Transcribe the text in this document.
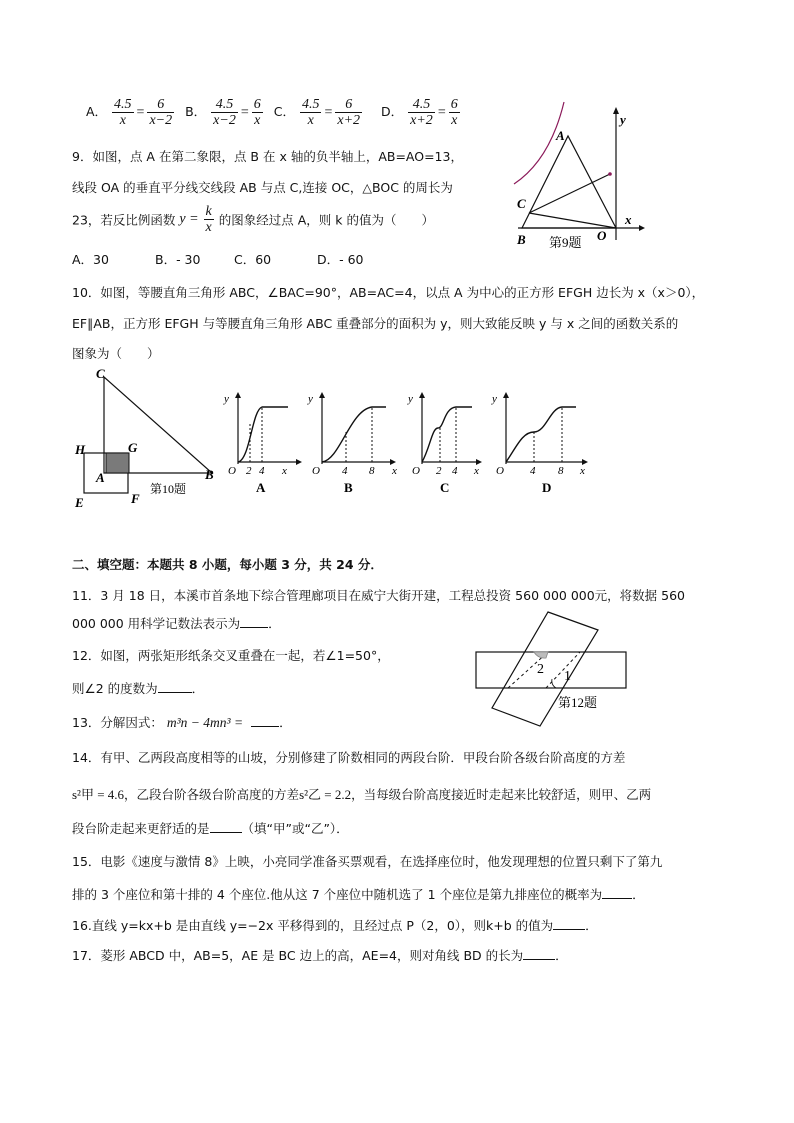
A． $\frac{4.5}{x} = \frac{6}{x-2}$ B． $\frac{4.5}{x-2} = \frac{6}{x}$ C． $\frac{4.5}{x} = \frac{6}{x+2}$ D． $\frac{4.5}{x+2} = \frac{6}{x}$
9．如图，点 A 在第二象限，点 B 在 x 轴的负半轴上，AB=AO=13，
线段 OA 的垂直平分线交线段 AB 与点 C,连接 OC，△BOC 的周长为
23，若反比例函数 $y = \frac{k}{x}$ 的图象经过点 A，则 k 的值为（　　）
A．30	B．- 30	C．60	D．- 60
A
C
B	O
x
y
第9题
10．如图，等腰直角三角形 ABC，∠BAC=90°，AB=AC=4，以点 A 为中心的正方形 EFGH 边长为 x（x＞0），
EF∥AB，正方形 EFGH 与等腰直角三角形 ABC 重叠部分的面积为 y，则大致能反映 y 与 x 之间的函数关系的
图象为（　　）
C
H	G
A	B
E	F
第10题
y
O 2 4 x
A
y
O 4 8 x
B
y
O 2 4 x
C
y
O 4 8 x
D
二、填空题：本题共 8 小题，每小题 3 分，共 24 分．
11．3 月 18 日，本溪市首条地下综合管理廊项目在威宁大街开建，工程总投资 560 000 000元，将数据 560
000 000 用科学记数法表示为 ．
12．如图，两张矩形纸条交叉重叠在一起，若∠1=50°，
则∠2 的度数为	．
2 1
第12题
13．分解因式： m³n − 4mn³ =	．
14．有甲、乙两段高度相等的山坡，分别修建了阶数相同的两段台阶．甲段台阶各级台阶高度的方差
s²甲 = 4.6，乙段台阶各级台阶高度的方差s²乙 = 2.2，当每级台阶高度接近时走起来比较舒适，则甲、乙两
段台阶走起来更舒适的是	（填“甲”或“乙”）．
15．电影《速度与激情 8》上映，小亮同学准备买票观看，在选择座位时，他发现理想的位置只剩下了第九
排的 3 个座位和第十排的 4 个座位.他从这 7 个座位中随机选了 1 个座位是第九排座位的概率为 ．
16.直线 y=kx+b 是由直线 y=−2x 平移得到的，且经过点 P（2，0），则k+b 的值为	．
17．菱形 ABCD 中，AB=5，AE 是 BC 边上的高，AE=4，则对角线 BD 的长为	．
